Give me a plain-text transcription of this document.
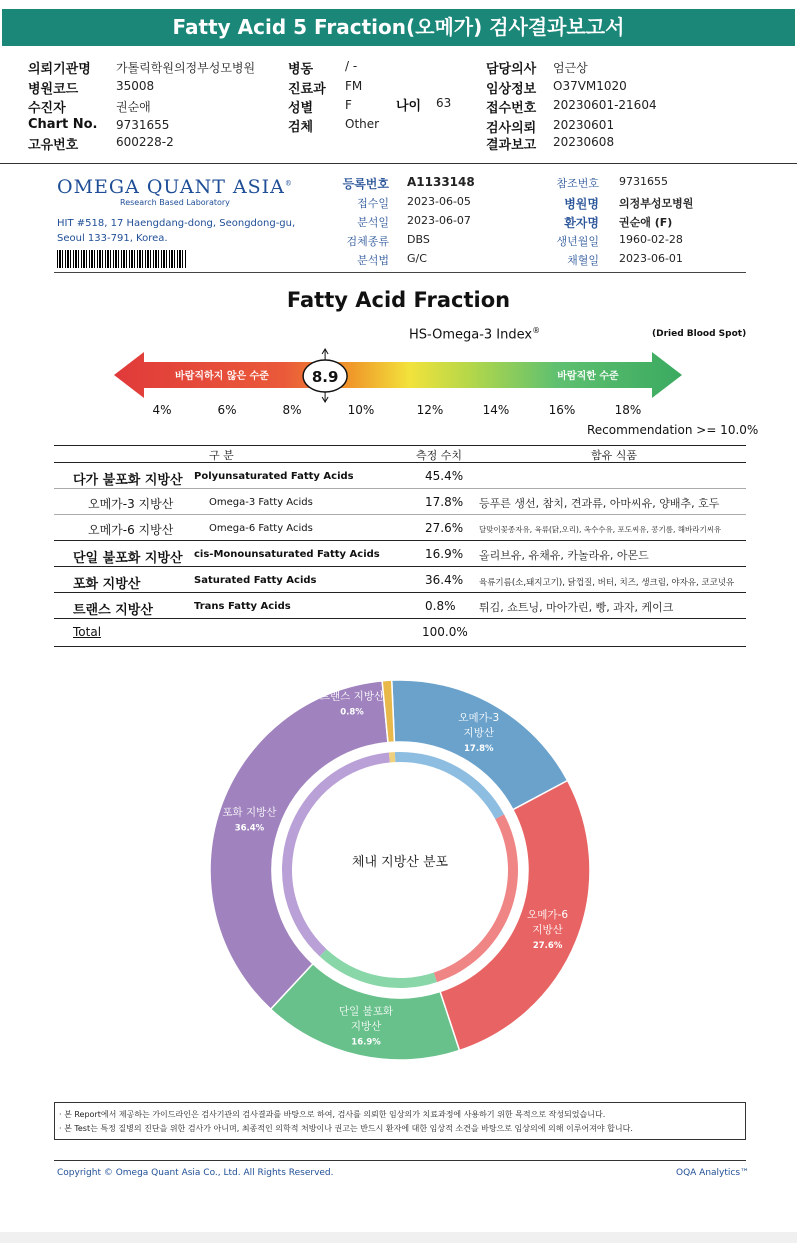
Fatty Acid 5 Fraction(오메가) 검사결과보고서
의뢰기관명 가톨릭학원의정부성모병원
병원코드	35008
수진자	권순애
Chart No. 9731655
고유번호	600228-2
병동	/ -
진료과 FM
성별	F
검체	Other
담당의사 엄근상
임상정보 O37VM1020
접수번호 20230601-21604
검사의뢰 20230601
결과보고 20230608
나이 63
OMEGA QUANT ASIA®
Research Based Laboratory
HIT #518, 17 Haengdang-dong, Seongdong-gu,
Seoul 133-791, Korea.
등록번호 A1133148
접수일 2023-06-05
분석일 2023-06-07
검체종류 DBS
분석법 G/C
참조번호 9731655
병원명 의정부성모병원
환자명 권순애 (F)
생년월일 1960-02-28
채혈일 2023-06-01
Fatty Acid Fraction
HS-Omega-3 Index®	(Dried Blood Spot)
바람직하지 않은 수준	바람직한 수준
8.9
4%	6%	8%	10%	12%	14%	16%	18%
Recommendation >= 10.0%
구 분	측정 수치	함유 식품
다가 불포화 지방산 Polyunsaturated Fatty Acids	45.4%
오메가-3 지방산	Omega-3 Fatty Acids	17.8% 등푸른 생선, 참치, 견과류, 아마씨유, 양배추, 호두
오메가-6 지방산	Omega-6 Fatty Acids	27.6% 달맞이꽃종자유, 육류(닭,오리), 옥수수유, 포도씨유, 콩기름, 해바라기씨유
단일 불포화 지방산 cis-Monounsaturated Fatty Acids	16.9% 올리브유, 유채유, 카놀라유, 아몬드
포화 지방산	Saturated Fatty Acids	36.4% 육류기름(소,돼지고기), 닭껍질, 버터, 치즈, 생크림, 야자유, 코코넛유
트랜스 지방산	Trans Fatty Acids	0.8% 튀김, 쇼트닝, 마아가린, 빵, 과자, 케이크
Total	100.0%
오메가-3
지방산
17.8%
오메가-6
지방산
27.6%
단일 불포화
지방산
16.9%
포화 지방산
36.4%
트랜스 지방산
0.8%
체내 지방산 분포
· 본 Report에서 제공하는 가이드라인은 검사기관의 검사결과를 바탕으로 하여, 검사를 의뢰한 임상의가 치료과정에 사용하기 위한 목적으로 작성되었습니다.
· 본 Test는 특정 질병의 진단을 위한 검사가 아니며, 최종적인 의학적 처방이나 권고는 반드시 환자에 대한 임상적 소견을 바탕으로 임상의에 의해 이루어져야 합니다.
Copyright © Omega Quant Asia Co., Ltd. All Rights Reserved.	OQA Analytics™
